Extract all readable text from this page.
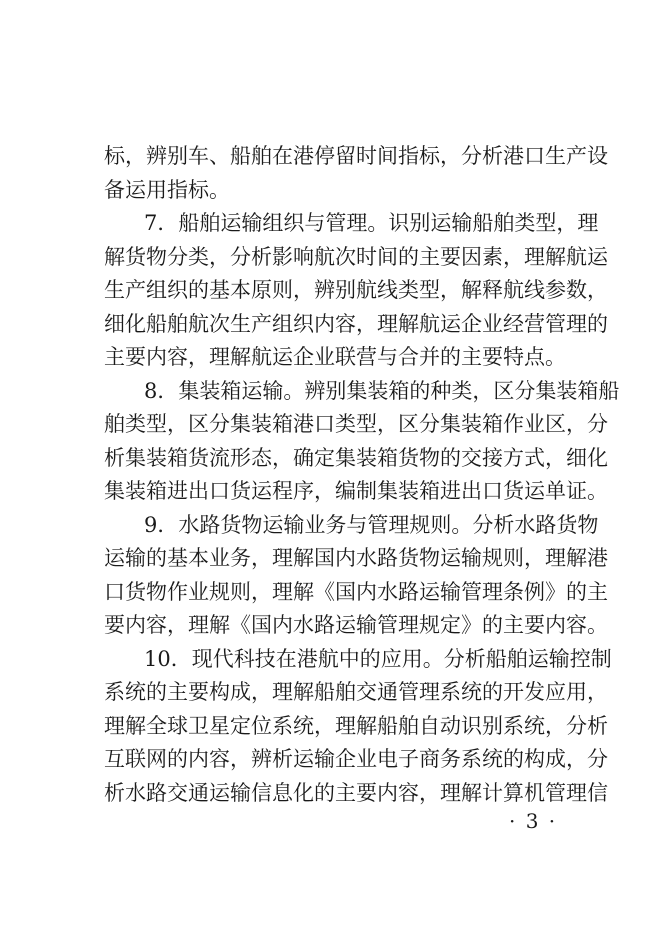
标，辨别车、船舶在港停留时间指标，分析港口生产设
备运用指标。
7．船舶运输组织与管理。识别运输船舶类型，理
解货物分类，分析影响航次时间的主要因素，理解航运
生产组织的基本原则，辨别航线类型，解释航线参数，
细化船舶航次生产组织内容，理解航运企业经营管理的
主要内容，理解航运企业联营与合并的主要特点。
8．集装箱运输。辨别集装箱的种类，区分集装箱船
舶类型，区分集装箱港口类型，区分集装箱作业区，分
析集装箱货流形态，确定集装箱货物的交接方式，细化
集装箱进出口货运程序，编制集装箱进出口货运单证。
9．水路货物运输业务与管理规则。分析水路货物
运输的基本业务，理解国内水路货物运输规则，理解港
口货物作业规则，理解《国内水路运输管理条例》的主
要内容，理解《国内水路运输管理规定》的主要内容。
10．现代科技在港航中的应用。分析船舶运输控制
系统的主要构成，理解船舶交通管理系统的开发应用，
理解全球卫星定位系统，理解船舶自动识别系统，分析
互联网的内容，辨析运输企业电子商务系统的构成，分
析水路交通运输信息化的主要内容，理解计算机管理信
· 3 ·
